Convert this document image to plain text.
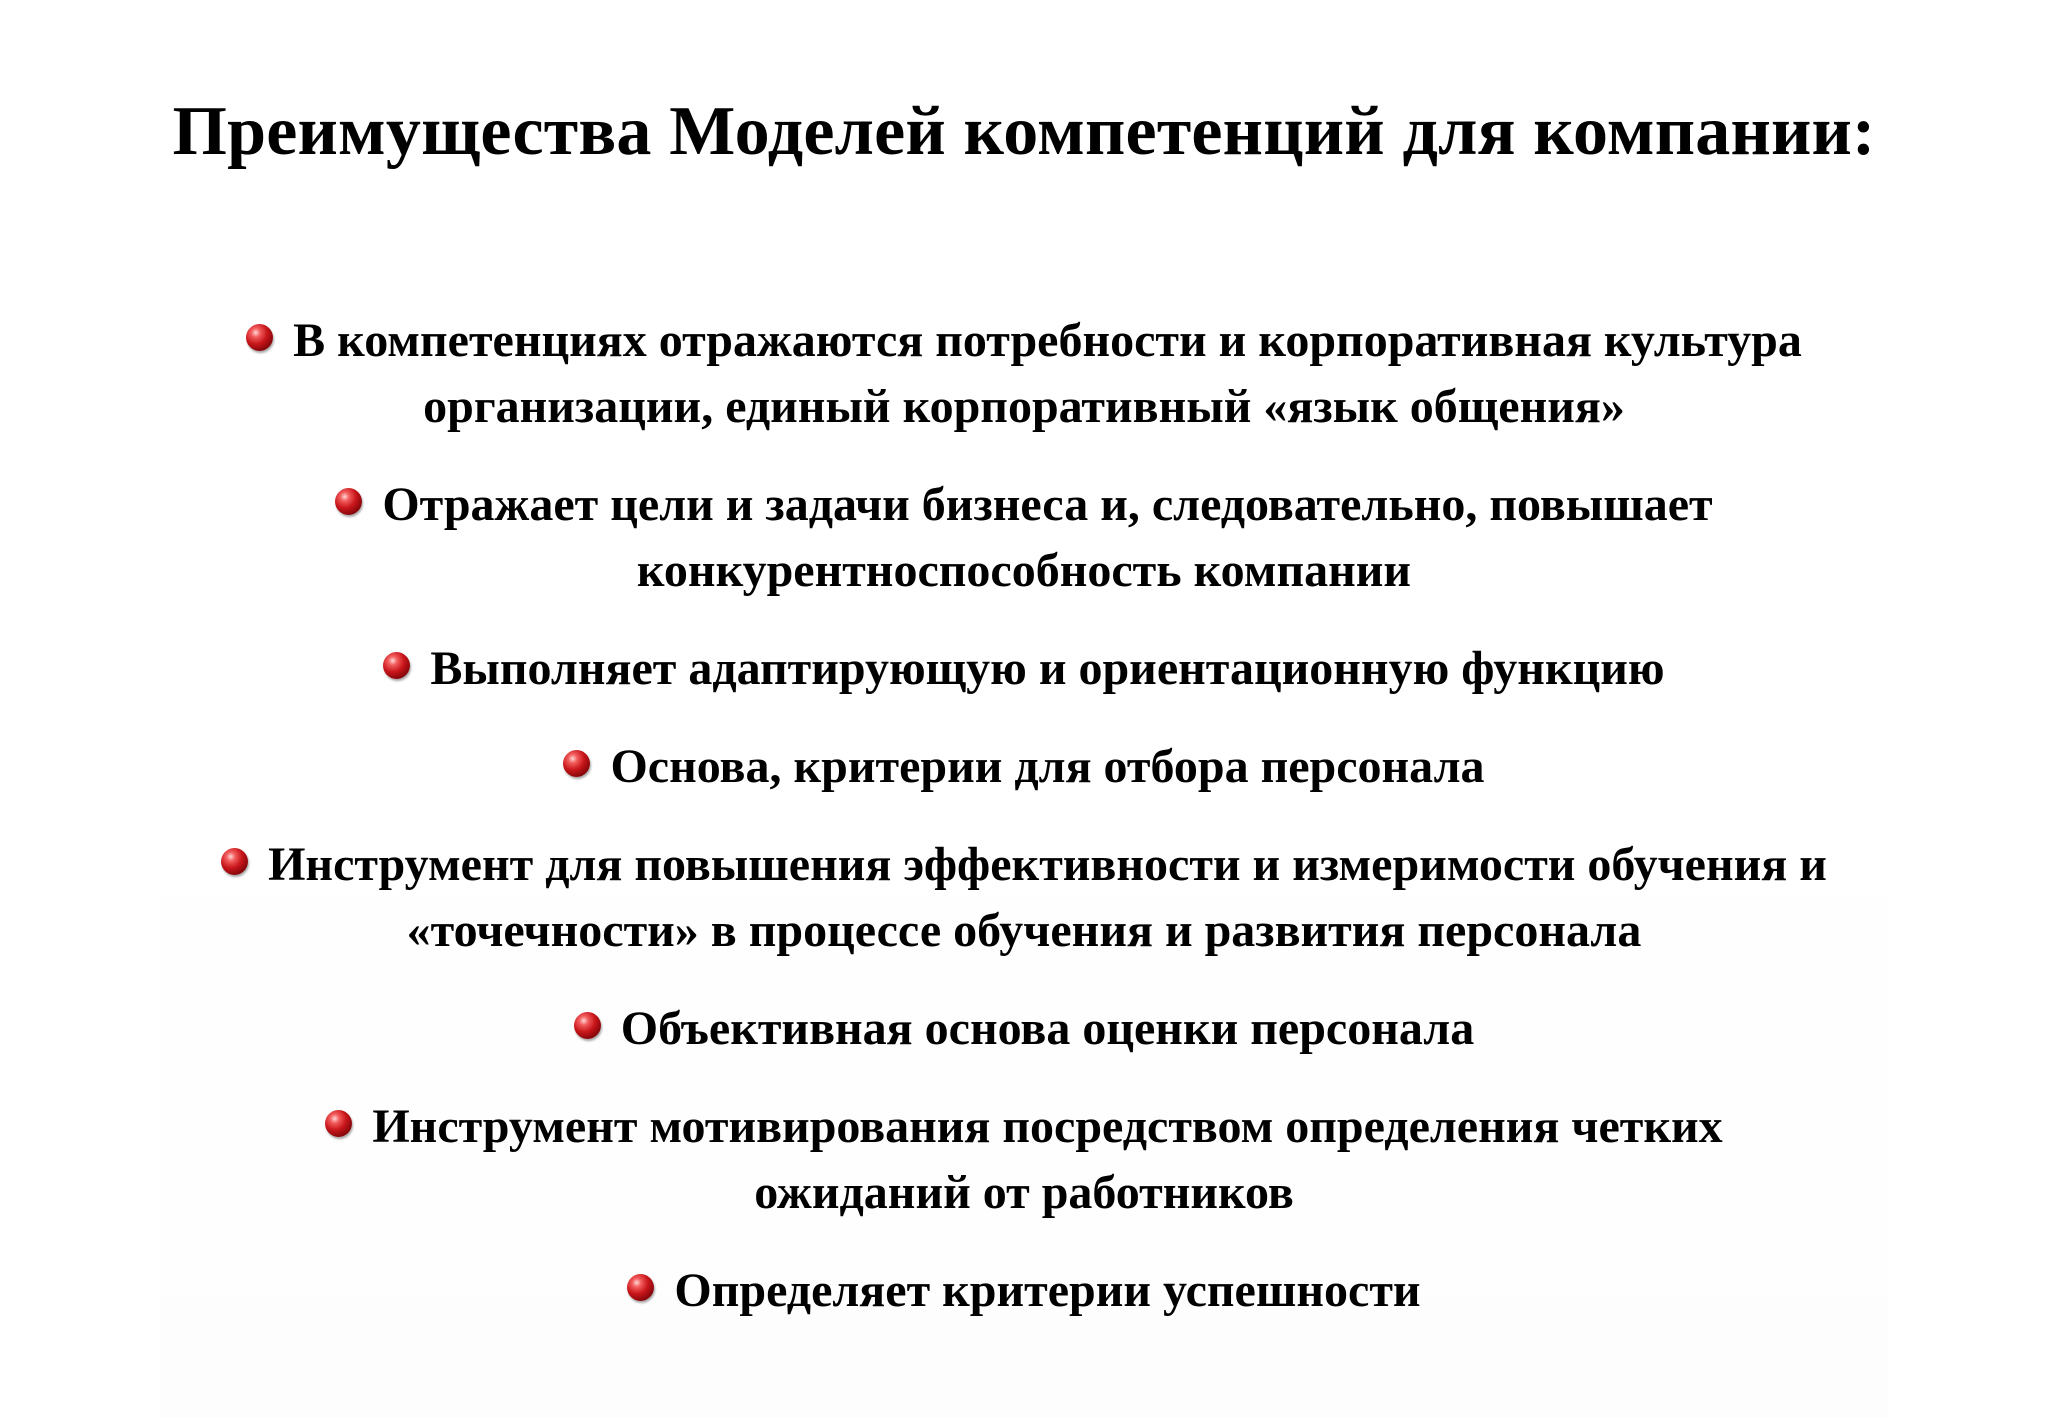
Преимущества Моделей компетенций для компании:
В компетенциях отражаются потребности и корпоративная культура
организации, единый корпоративный «язык общения»
Отражает цели и задачи бизнеса и, следовательно, повышает
конкурентноспособность компании
Выполняет адаптирующую и ориентационную функцию
Основа, критерии для отбора персонала
Инструмент для повышения эффективности и измеримости обучения и
«точечности» в процессе обучения и развития персонала
Объективная основа оценки персонала
Инструмент мотивирования посредством определения четких
ожиданий от работников
Определяет критерии успешности
